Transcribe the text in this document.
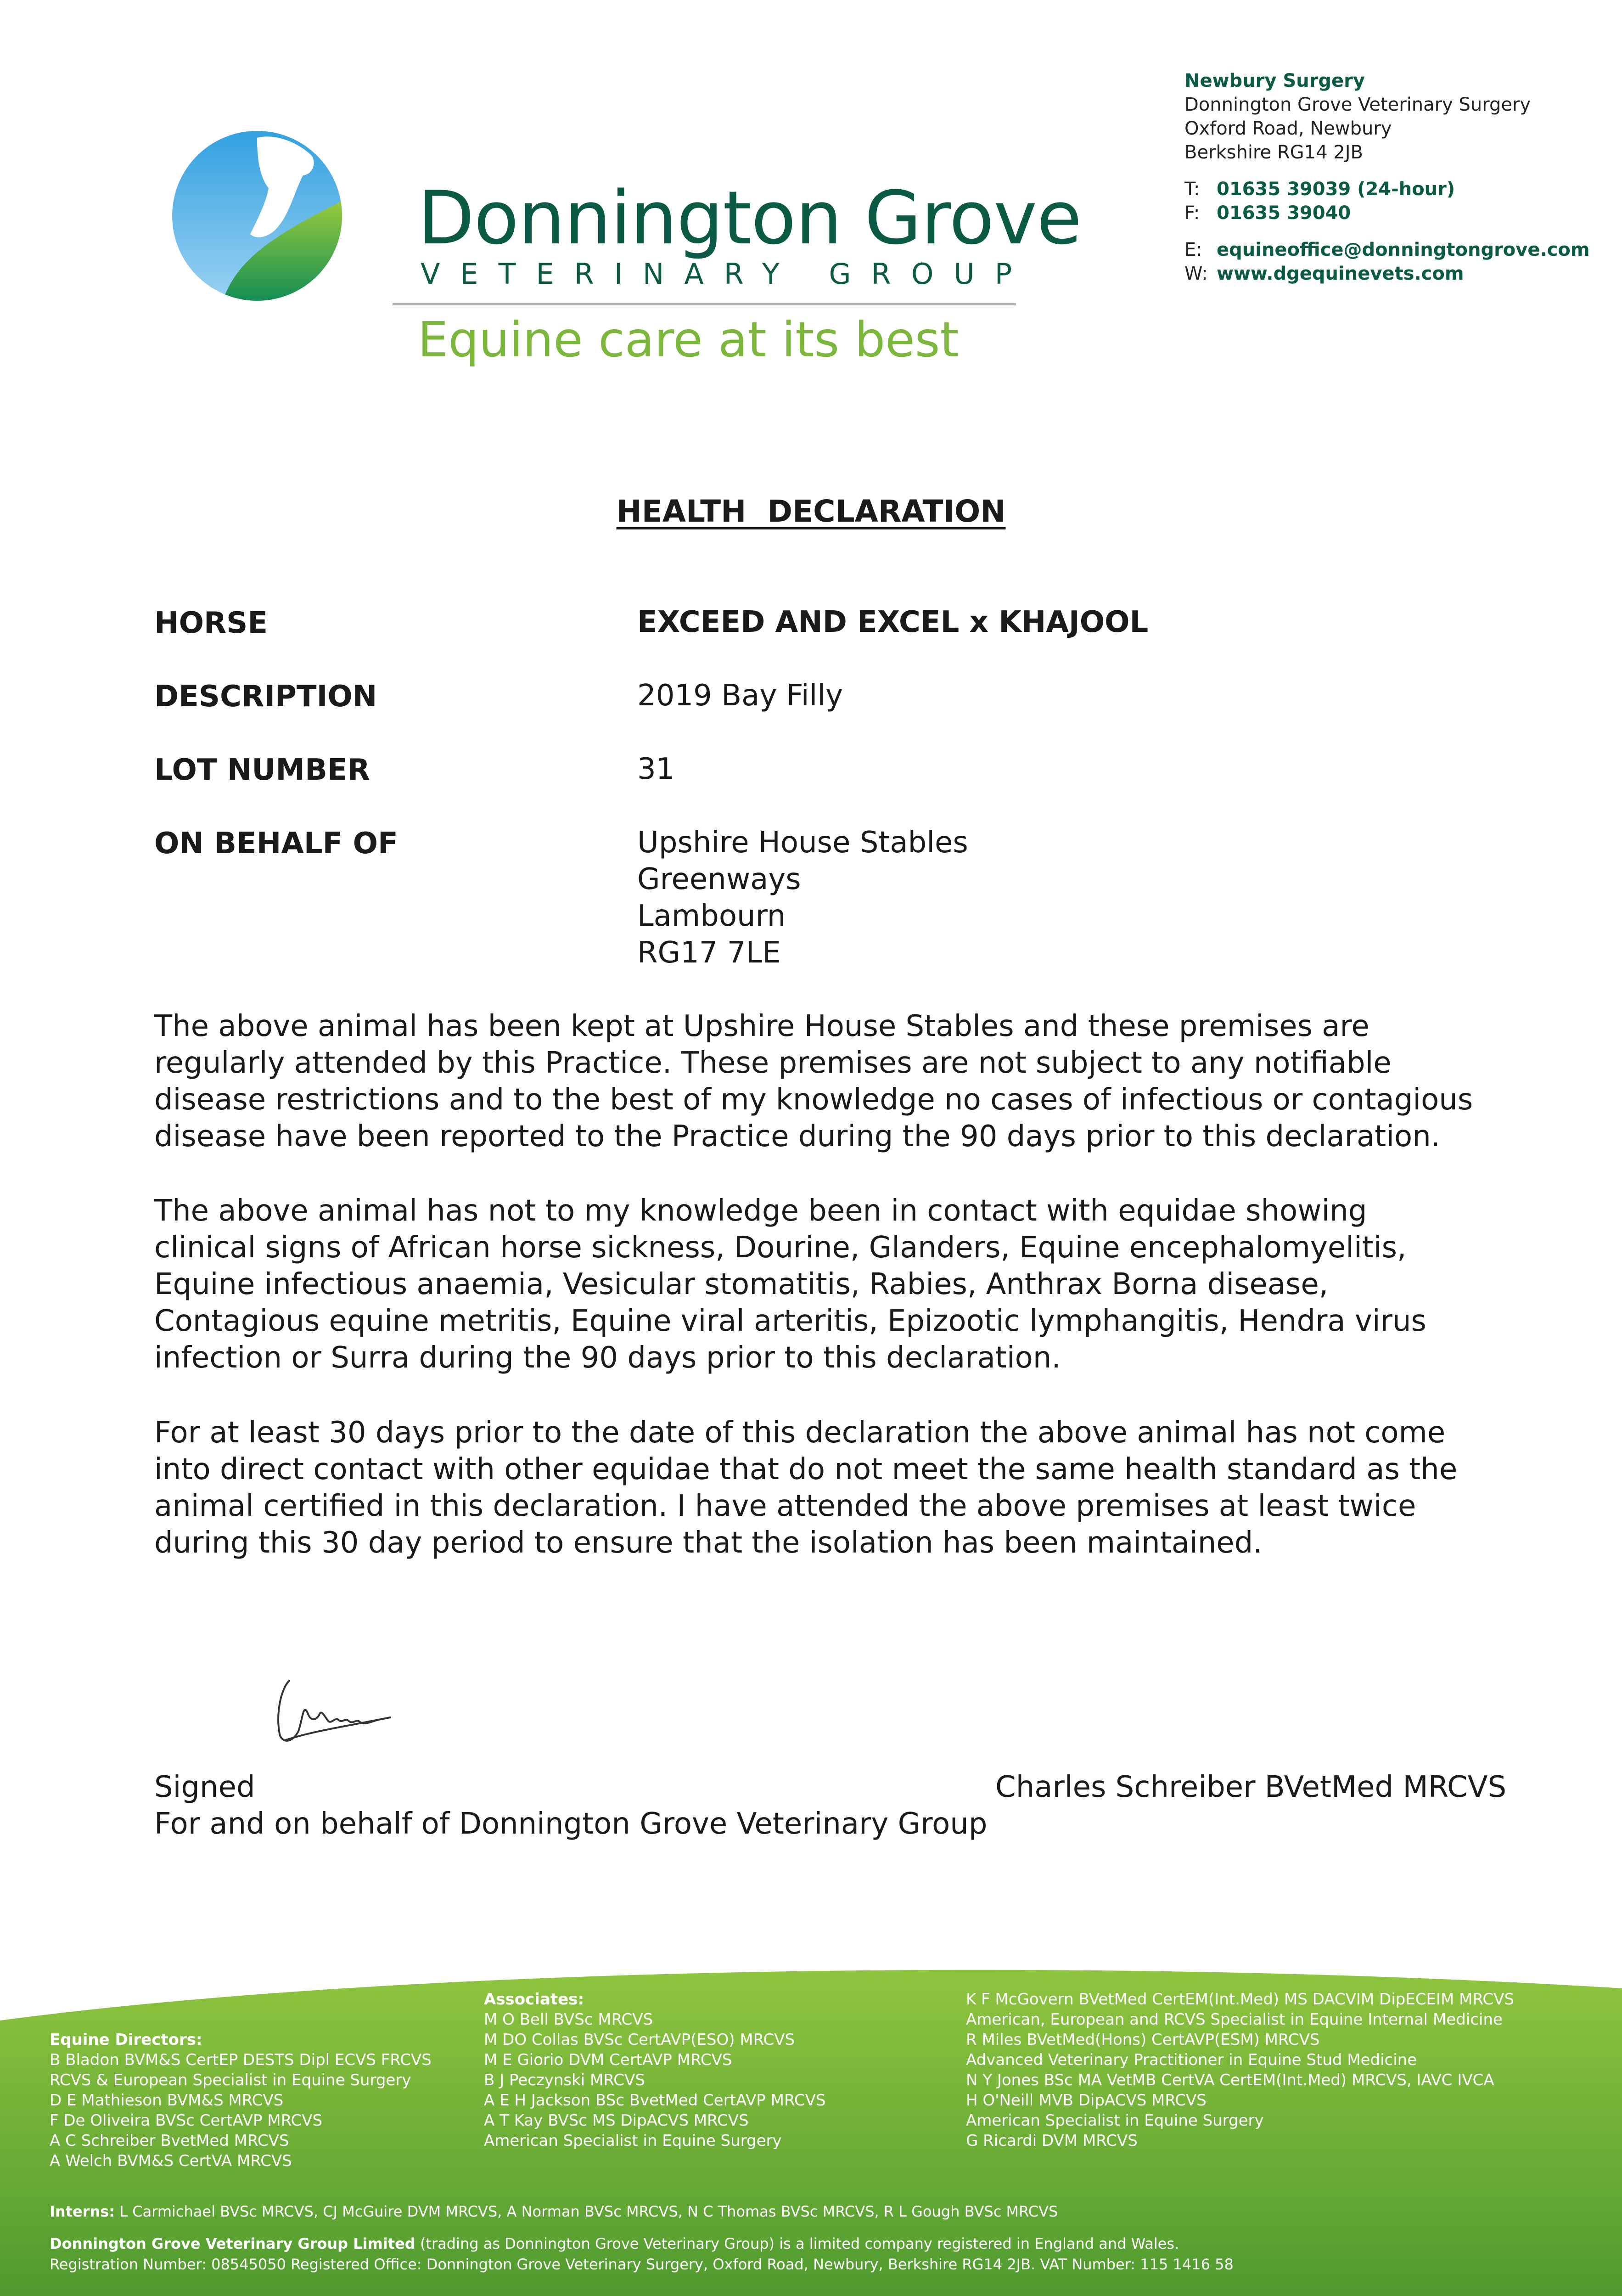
Donnington Grove
VETERINARY GROUP
Equine care at its best
Newbury Surgery
Donnington Grove Veterinary Surgery
Oxford Road, Newbury
Berkshire RG14 2JB
T: 01635 39039 (24-hour)
F: 01635 39040
E: equineoffice@donningtongrove.com
W: www.dgequinevets.com
HEALTH  DECLARATION
HORSE	EXCEED AND EXCEL x KHAJOOL
DESCRIPTION	2019 Bay Filly
LOT NUMBER	31
ON BEHALF OF	Upshire House Stables
Greenways
Lambourn
RG17 7LE
The above animal has been kept at Upshire House Stables and these premises are
regularly attended by this Practice. These premises are not subject to any notifiable
disease restrictions and to the best of my knowledge no cases of infectious or contagious
disease have been reported to the Practice during the 90 days prior to this declaration.
The above animal has not to my knowledge been in contact with equidae showing
clinical signs of African horse sickness, Dourine, Glanders, Equine encephalomyelitis,
Equine infectious anaemia, Vesicular stomatitis, Rabies, Anthrax Borna disease,
Contagious equine metritis, Equine viral arteritis, Epizootic lymphangitis, Hendra virus
infection or Surra during the 90 days prior to this declaration.
For at least 30 days prior to the date of this declaration the above animal has not come
into direct contact with other equidae that do not meet the same health standard as the
animal certified in this declaration. I have attended the above premises at least twice
during this 30 day period to ensure that the isolation has been maintained.
Signed	Charles Schreiber BVetMed MRCVS
For and on behalf of Donnington Grove Veterinary Group
Equine Directors:
B Bladon BVM&S CertEP DESTS Dipl ECVS FRCVS
RCVS & European Specialist in Equine Surgery
D E Mathieson BVM&S MRCVS
F De Oliveira BVSc CertAVP MRCVS
A C Schreiber BvetMed MRCVS
A Welch BVM&S CertVA MRCVS
Associates:
M O Bell BVSc MRCVS
M DO Collas BVSc CertAVP(ESO) MRCVS
M E Giorio DVM CertAVP MRCVS
B J Peczynski MRCVS
A E H Jackson BSc BvetMed CertAVP MRCVS
A T Kay BVSc MS DipACVS MRCVS
American Specialist in Equine Surgery
K F McGovern BVetMed CertEM(Int.Med) MS DACVIM DipECEIM MRCVS
American, European and RCVS Specialist in Equine Internal Medicine
R Miles BVetMed(Hons) CertAVP(ESM) MRCVS
Advanced Veterinary Practitioner in Equine Stud Medicine
N Y Jones BSc MA VetMB CertVA CertEM(Int.Med) MRCVS, IAVC IVCA
H O'Neill MVB DipACVS MRCVS
American Specialist in Equine Surgery
G Ricardi DVM MRCVS
Interns: L Carmichael BVSc MRCVS, CJ McGuire DVM MRCVS, A Norman BVSc MRCVS, N C Thomas BVSc MRCVS, R L Gough BVSc MRCVS
Donnington Grove Veterinary Group Limited (trading as Donnington Grove Veterinary Group) is a limited company registered in England and Wales.
Registration Number: 08545050 Registered Office: Donnington Grove Veterinary Surgery, Oxford Road, Newbury, Berkshire RG14 2JB. VAT Number: 115 1416 58
